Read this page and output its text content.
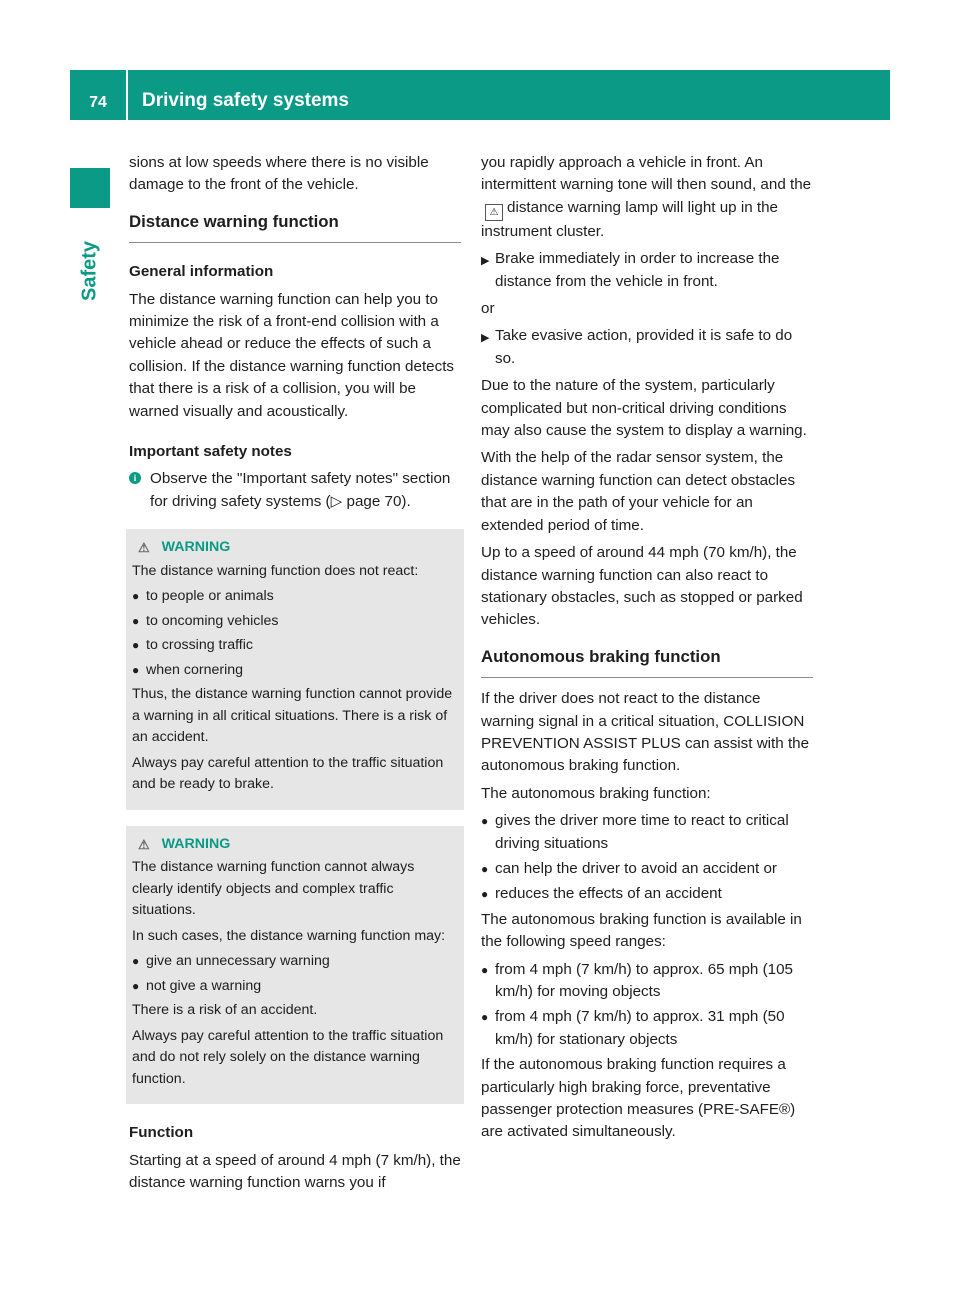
74 Driving safety systems
Safety

sions at low speeds where there is no visible damage to the front of the vehicle.

Distance warning function
General information

The distance warning function can help you to minimize the risk of a front-end collision with a vehicle ahead or reduce the effects of such a collision. If the distance warning function detects that there is a risk of a collision, you will be warned visually and acoustically.

Important safety notes
i Observe the "Important safety notes" section for driving safety systems (▷ page 70).
⚠ WARNING

The distance warning function does not react:

● to people or animals
● to oncoming vehicles
● to crossing traffic
● when cornering

Thus, the distance warning function cannot provide a warning in all critical situations. There is a risk of an accident.

Always pay careful attention to the traffic situation and be ready to brake.

⚠ WARNING

The distance warning function cannot always clearly identify objects and complex traffic situations.

In such cases, the distance warning function may:

● give an unnecessary warning
● not give a warning

There is a risk of an accident.

Always pay careful attention to the traffic situation and do not rely solely on the distance warning function.

Function

Starting at a speed of around 4 mph (7 km/h), the distance warning function warns you if

you rapidly approach a vehicle in front. An intermittent warning tone will then sound, and the⚠ distance warning lamp will light up in the instrument cluster.

▶ Brake immediately in order to increase the distance from the vehicle in front.

or

▶ Take evasive action, provided it is safe to do so.

Due to the nature of the system, particularly complicated but non-critical driving conditions may also cause the system to display a warning.

With the help of the radar sensor system, the distance warning function can detect obstacles that are in the path of your vehicle for an extended period of time.

Up to a speed of around 44 mph (70 km/h), the distance warning function can also react to stationary obstacles, such as stopped or parked vehicles.

Autonomous braking function

If the driver does not react to the distance warning signal in a critical situation, COLLISION PREVENTION ASSIST PLUS can assist with the autonomous braking function.

The autonomous braking function:

● gives the driver more time to react to critical driving situations
● can help the driver to avoid an accident or
● reduces the effects of an accident

The autonomous braking function is available in the following speed ranges:

● from 4 mph (7 km/h) to approx. 65 mph (105 km/h) for moving objects
● from 4 mph (7 km/h) to approx. 31 mph (50 km/h) for stationary objects

If the autonomous braking function requires a particularly high braking force, preventative passenger protection measures (PRE-SAFE®) are activated simultaneously.
